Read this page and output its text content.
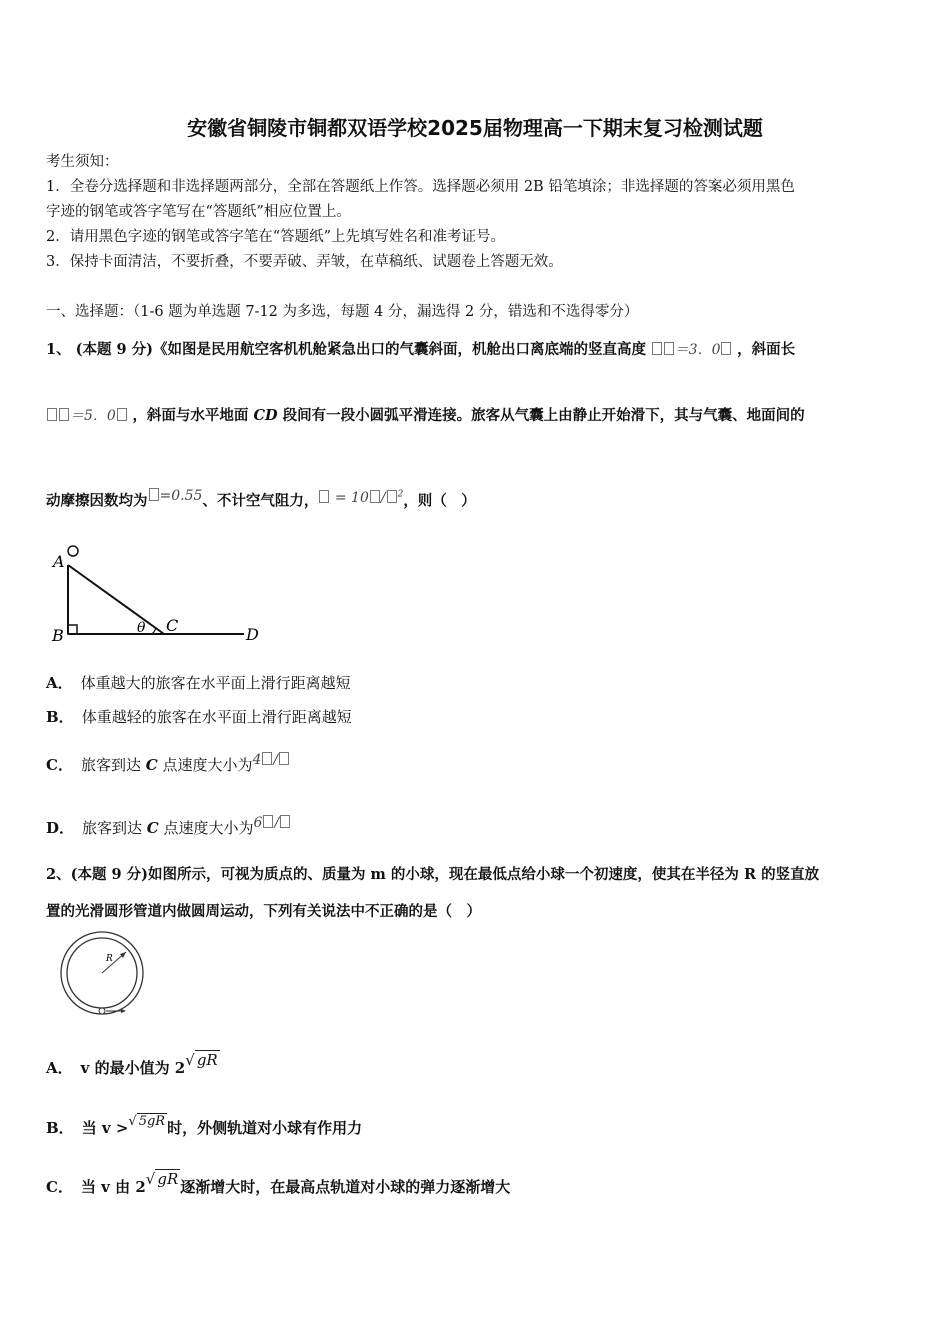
安徽省铜陵市铜都双语学校2025届物理高一下期末复习检测试题
考生须知：
1．全卷分选择题和非选择题两部分，全部在答题纸上作答。选择题必须用 2B 铅笔填涂；非选择题的答案必须用黑色
字迹的钢笔或答字笔写在“答题纸”相应位置上。
2．请用黑色字迹的钢笔或答字笔在“答题纸”上先填写姓名和准考证号。
3．保持卡面清洁，不要折叠，不要弄破、弄皱，在草稿纸、试题卷上答题无效。
一、选择题：（1-6 题为单选题 7-12 为多选，每题 4 分，漏选得 2 分，错选和不选得零分）
1、 (本题 9 分)《如图是民用航空客机机舱紧急出口的气囊斜面，机舱出口离底端的竖直高度 ＝3．0 ，斜面长
＝5．0 ，斜面与水平地面 CD 段间有一段小圆弧平滑连接。旅客从气囊上由静止开始滑下，其与气囊、地面间的
动摩擦因数均为 =0.55、不计空气阻力， = 10 / $^2$，则（　）
A
B
C	D
θ
A． 体重越大的旅客在水平面上滑行距离越短
B． 体重越轻的旅客在水平面上滑行距离越短
C． 旅客到达 C 点速度大小为4 /
D． 旅客到达 C 点速度大小为6 /
2、(本题 9 分)如图所示，可视为质点的、质量为 m 的小球，现在最低点给小球一个初速度，使其在半径为 R 的竖直放
置的光滑圆形管道内做圆周运动，下列有关说法中不正确的是（　）
R
A． v 的最小值为 2√ gR
B． 当 v >√ 5gR 时，外侧轨道对小球有作用力
C． 当 v 由 2√ gR 逐渐增大时，在最高点轨道对小球的弹力逐渐增大
